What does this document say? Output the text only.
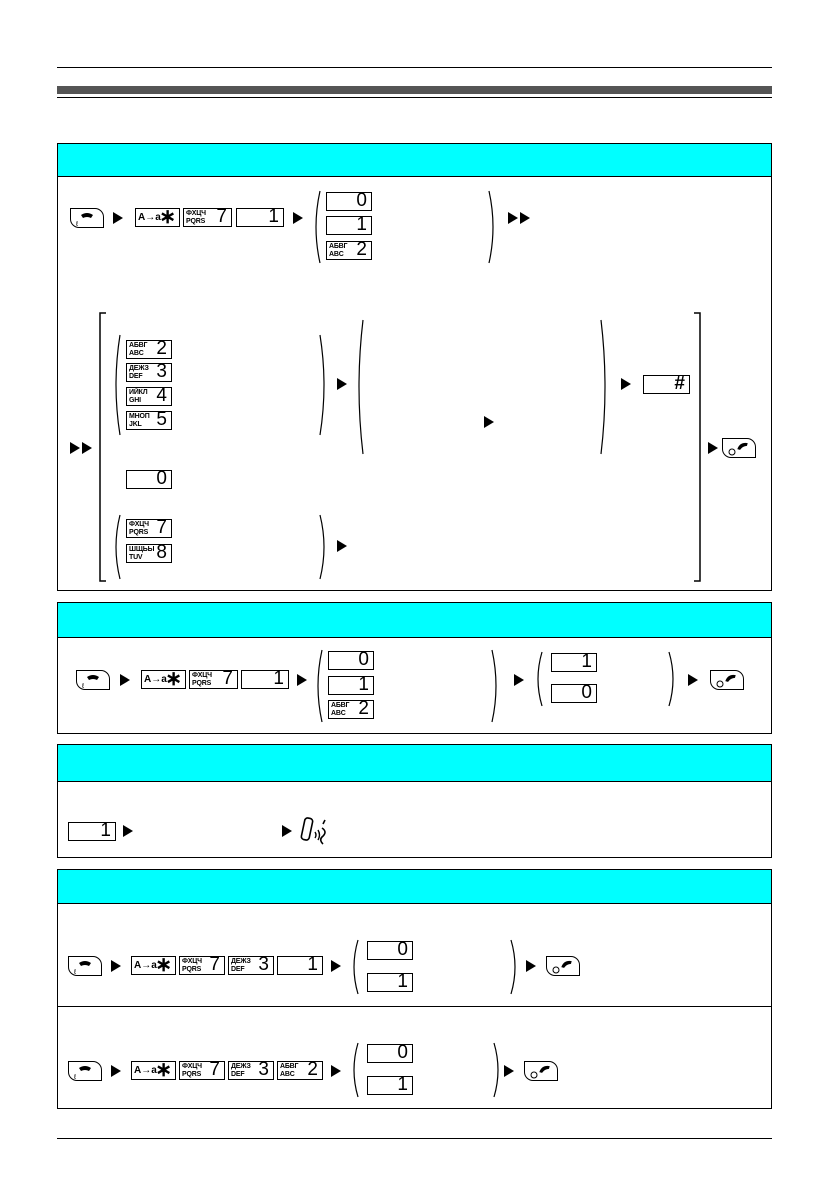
ℓ
A→a
∗ ФХЦЧ PQRS 7 1
0
1
АБВГ ABC 2
АБВГ ABC 2
ДЕЖЗ DEF 3
ИЙКЛ GHI 4
МНОП JKL 5
#
0
ФХЦЧ PQRS 7
ШЩЬЫ TUV 8
ℓ
A→a
∗ ФХЦЧ PQRS 7 1
0
1
АБВГ ABC 2
1
0
1
ℓ
A→a
∗ ФХЦЧ PQRS 7 ДЕЖЗ DEF 3 1
0
1
ℓ
A→a
∗ ФХЦЧ PQRS 7 ДЕЖЗ DEF 3 АБВГ ABC 2
0
1
